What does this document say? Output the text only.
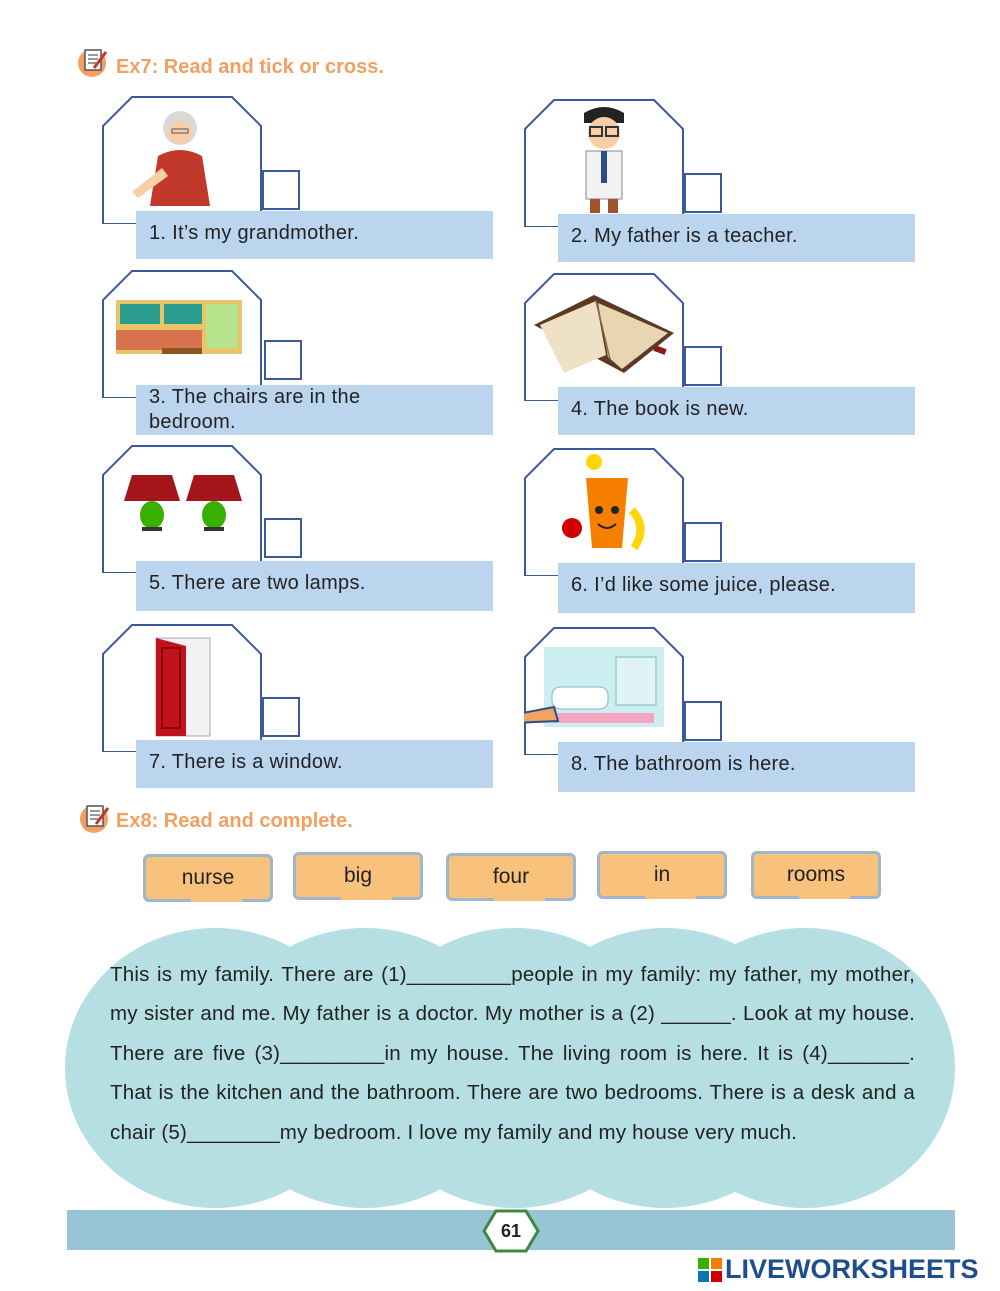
Ex7: Read and tick or cross.
1. It’s my grandmother.	2. My father is a teacher.
3. The chairs are in the
bedroom.
4. The book is new.
5. There are two lamps.	6. I’d like some juice, please.
7. There is a window.	8. The bathroom is here.
Ex8: Read and complete.
nurse	big	four	in	rooms
This is my family. There are (1)_________people in my family: my father, my mother, my sister and me. My father is a doctor. My mother is a (2) ______. Look at my house. There are five (3)_________in my house. The living room is here. It is (4)_______. That is the kitchen and the bathroom. There are two bedrooms. There is a desk and a chair (5)________my bedroom. I love my family and my house very much.
61
LIVEWORKSHEETS
